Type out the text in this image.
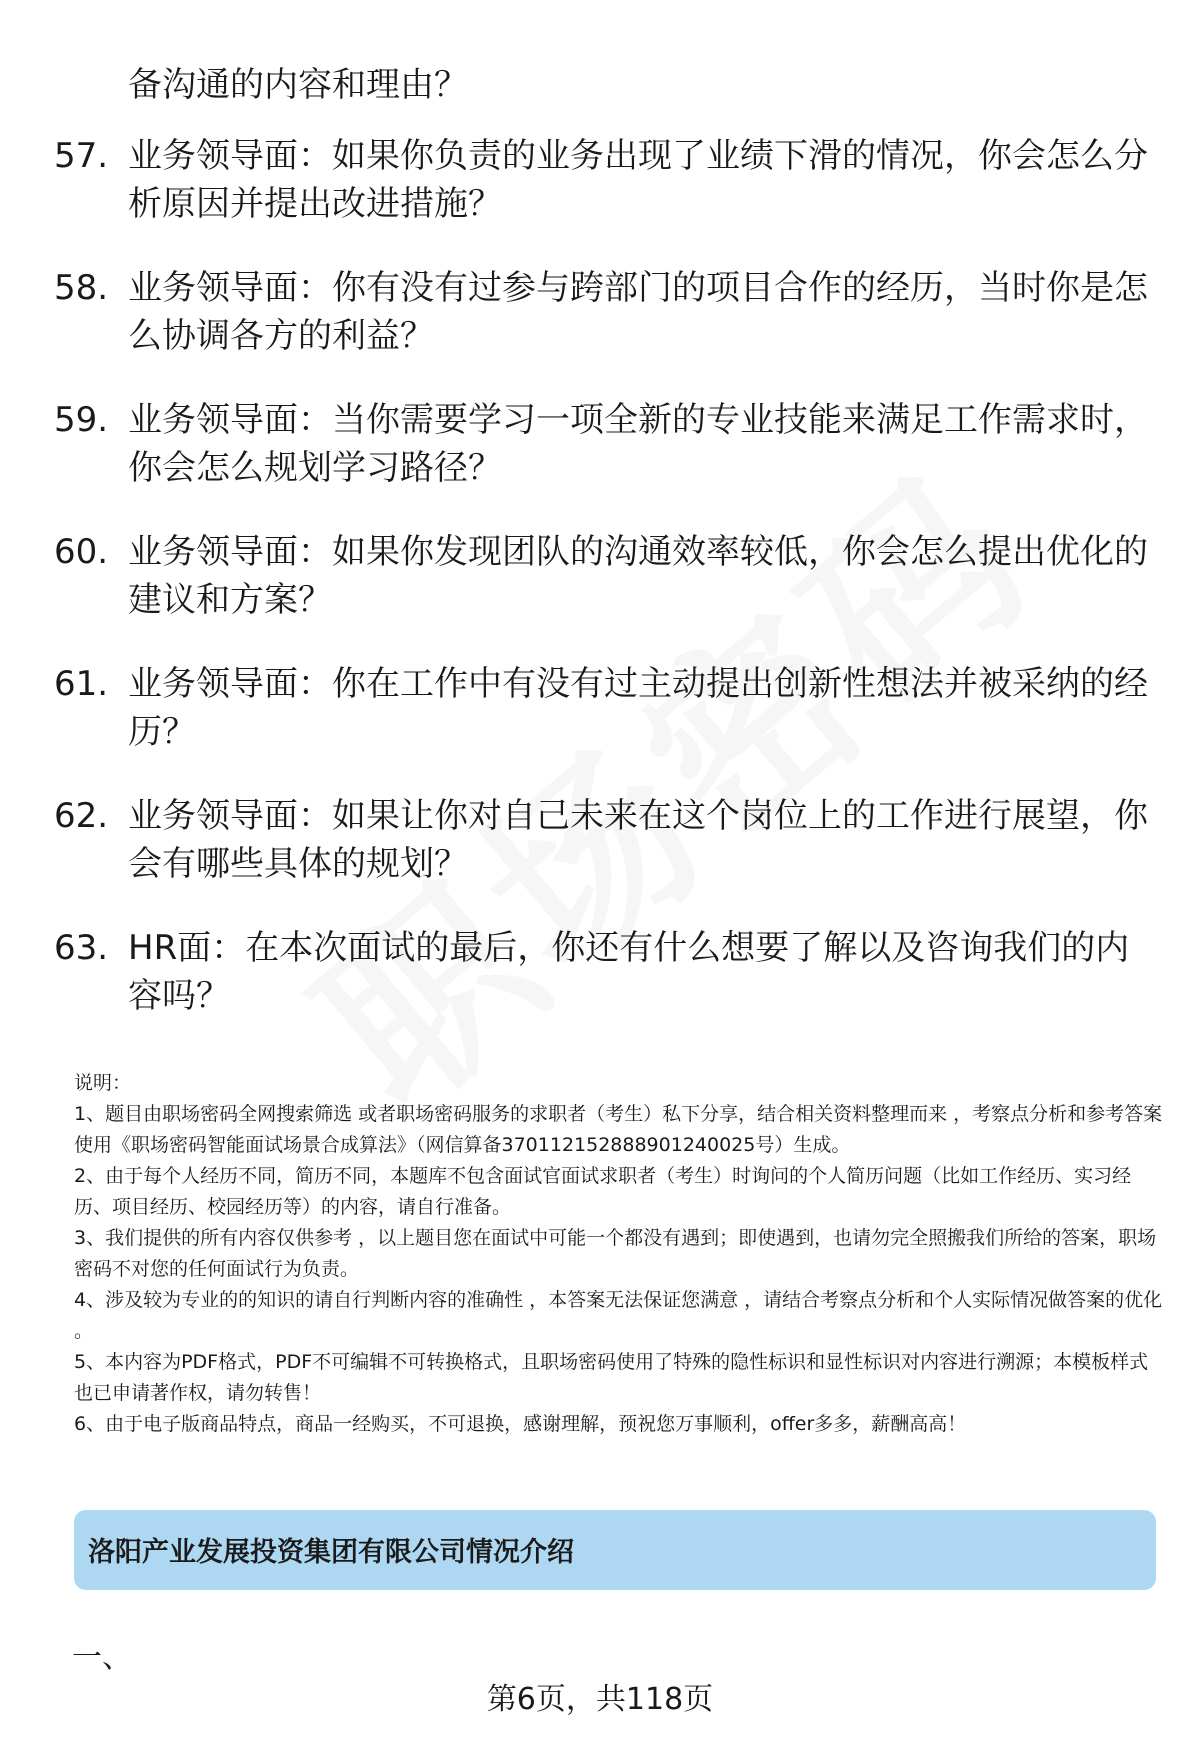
备沟通的内容和理由？
57. 业务领导面：如果你负责的业务出现了业绩下滑的情况，你会怎么分析原因并提出改进措施？
58. 业务领导面：你有没有过参与跨部门的项目合作的经历，当时你是怎么协调各方的利益？
59. 业务领导面：当你需要学习一项全新的专业技能来满足工作需求时，你会怎么规划学习路径？
60. 业务领导面：如果你发现团队的沟通效率较低，你会怎么提出优化的建议和方案？
61. 业务领导面：你在工作中有没有过主动提出创新性想法并被采纳的经历？
62. 业务领导面：如果让你对自己未来在这个岗位上的工作进行展望，你会有哪些具体的规划？
63. HR面：在本次面试的最后，你还有什么想要了解以及咨询我们的内容吗？

说明：

1、题目由职场密码全网搜索筛选 或者职场密码服务的求职者（考生）私下分享，结合相关资料整理而来 ，考察点分析和参考答案使用《职场密码智能面试场景合成算法》（网信算备370112152888901240025号）生成。

2、由于每个人经历不同，简历不同，本题库不包含面试官面试求职者（考生）时询问的个人简历问题（比如工作经历、实习经历、项目经历、校园经历等）的内容，请自行准备。

3、我们提供的所有内容仅供参考 ，以上题目您在面试中可能一个都没有遇到；即使遇到，也请勿完全照搬我们所给的答案，职场密码不对您的任何面试行为负责。

4、涉及较为专业的的知识的请自行判断内容的准确性 ，本答案无法保证您满意 ，请结合考察点分析和个人实际情况做答案的优化 。

5、本内容为PDF格式，PDF不可编辑不可转换格式，且职场密码使用了特殊的隐性标识和显性标识对内容进行溯源；本模板样式也已申请著作权，请勿转售！

6、由于电子版商品特点，商品一经购买，不可退换，感谢理解，预祝您万事顺利，offer多多，薪酬高高！

洛阳产业发展投资集团有限公司情况介绍
一、
第6页，共118页
